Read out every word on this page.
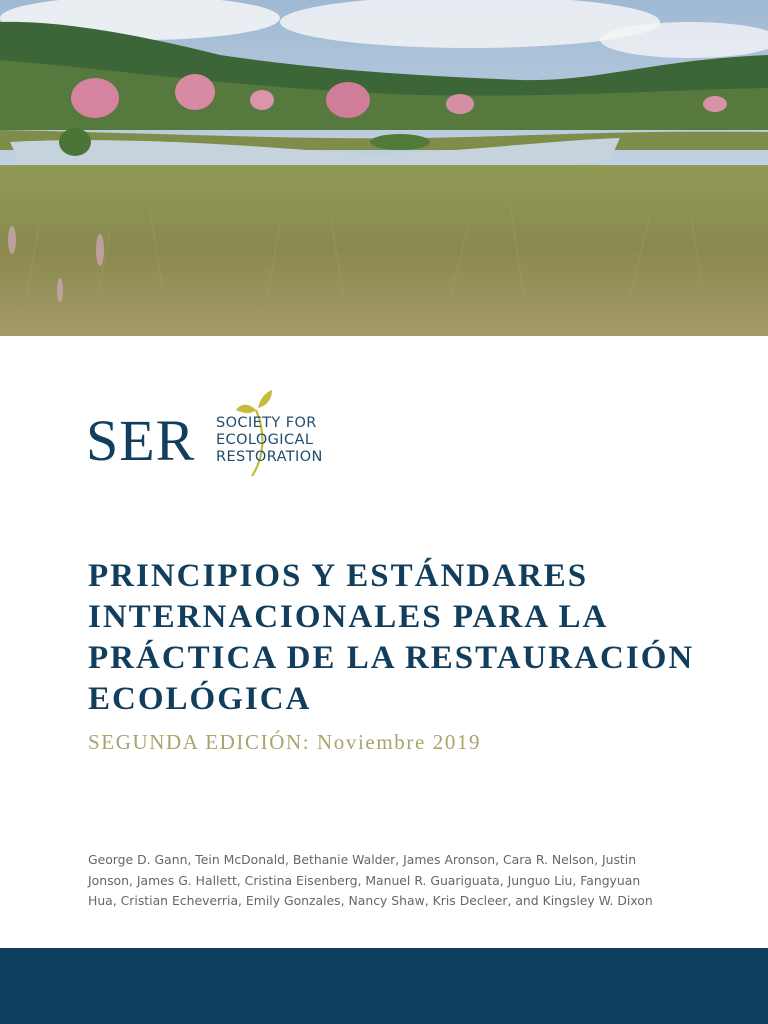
SER SOCIETY FOR
ECOLOGICAL
RESTORATION
PRINCIPIOS Y ESTÁNDARES
INTERNACIONALES PARA LA
PRÁCTICA DE LA RESTAURACIÓN
ECOLÓGICA
SEGUNDA EDICIÓN: Noviembre 2019
George D. Gann, Tein McDonald, Bethanie Walder, James Aronson, Cara R. Nelson, Justin
Jonson, James G. Hallett, Cristina Eisenberg, Manuel R. Guariguata, Junguo Liu, Fangyuan
Hua, Cristian Echeverria, Emily Gonzales, Nancy Shaw, Kris Decleer, and Kingsley W. Dixon
